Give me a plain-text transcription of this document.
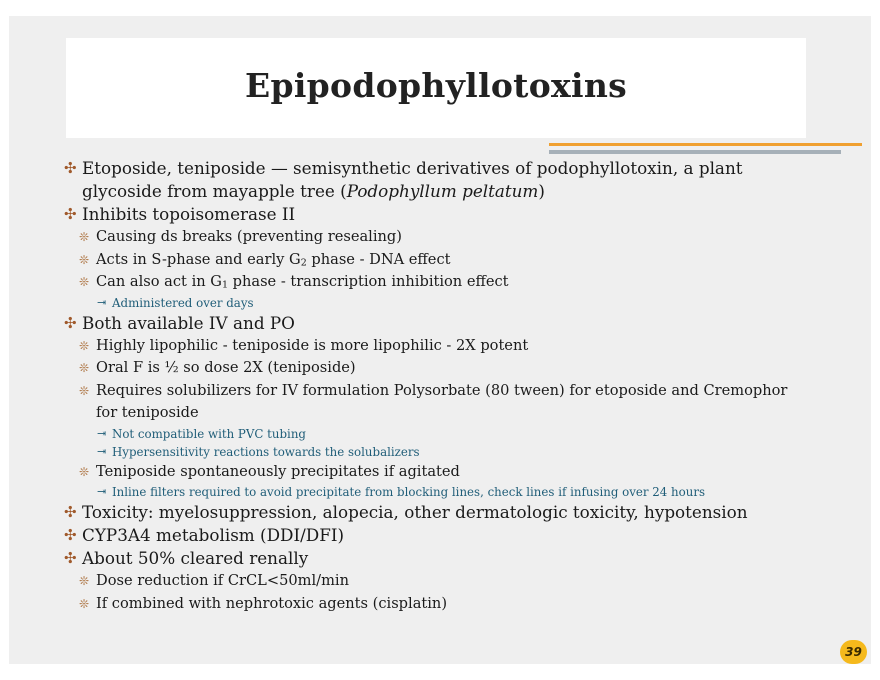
Epipodophyllotoxins
✣ Etoposide, teniposide — semisynthetic derivatives of podophyllotoxin, a plant glycoside from mayapple tree (Podophyllum peltatum)
✣ Inhibits topoisomerase II
❊ Causing ds breaks (preventing resealing)
❊ Acts in S-phase and early $G_2$ phase - DNA effect
❊ Can also act in $G_1$ phase - transcription inhibition effect
⇥ Administered over days
✣ Both available IV and PO
❊ Highly lipophilic - teniposide is more lipophilic - 2X potent
❊ Oral F is ½ so dose 2X (teniposide)
❊ Requires solubilizers for IV formulation Polysorbate (80 tween) for etoposide and Cremophor for teniposide
⇥ Not compatible with PVC tubing
⇥ Hypersensitivity reactions towards the solubalizers
❊ Teniposide spontaneously precipitates if agitated
⇥ Inline filters required to avoid precipitate from blocking lines, check lines if infusing over 24 hours
✣ Toxicity: myelosuppression, alopecia, other dermatologic toxicity, hypotension
✣ CYP3A4 metabolism (DDI/DFI)
✣ About 50% cleared renally
❊ Dose reduction if CrCL<50ml/min
❊ If combined with nephrotoxic agents (cisplatin)
39
